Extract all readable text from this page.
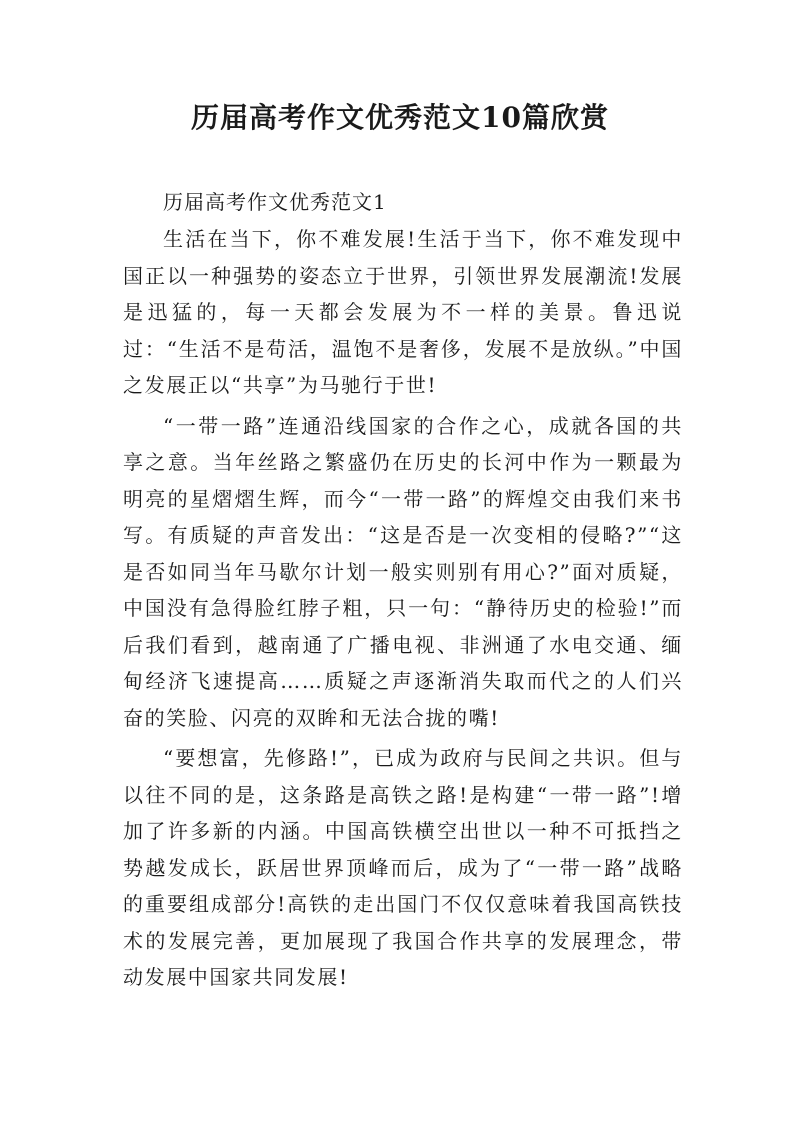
历届高考作文优秀范文10篇欣赏

历届高考作文优秀范文1

生活在当下，你不难发展!生活于当下，你不难发现中国正以一种强势的姿态立于世界，引领世界发展潮流!发展是迅猛的，每一天都会发展为不一样的美景。鲁迅说过：“生活不是苟活，温饱不是奢侈，发展不是放纵。”中国之发展正以“共享”为马驰行于世!

“一带一路”连通沿线国家的合作之心，成就各国的共享之意。当年丝路之繁盛仍在历史的长河中作为一颗最为明亮的星熠熠生辉，而今“一带一路”的辉煌交由我们来书写。有质疑的声音发出：“这是否是一次变相的侵略?”“这是否如同当年马歇尔计划一般实则别有用心?”面对质疑，中国没有急得脸红脖子粗，只一句：“静待历史的检验!”而后我们看到，越南通了广播电视、非洲通了水电交通、缅甸经济飞速提高……质疑之声逐渐消失取而代之的人们兴奋的笑脸、闪亮的双眸和无法合拢的嘴!

“要想富，先修路!”，已成为政府与民间之共识。但与以往不同的是，这条路是高铁之路!是构建“一带一路”!增加了许多新的内涵。中国高铁横空出世以一种不可抵挡之势越发成长，跃居世界顶峰而后，成为了“一带一路”战略的重要组成部分!高铁的走出国门不仅仅意味着我国高铁技术的发展完善，更加展现了我国合作共享的发展理念，带动发展中国家共同发展!
